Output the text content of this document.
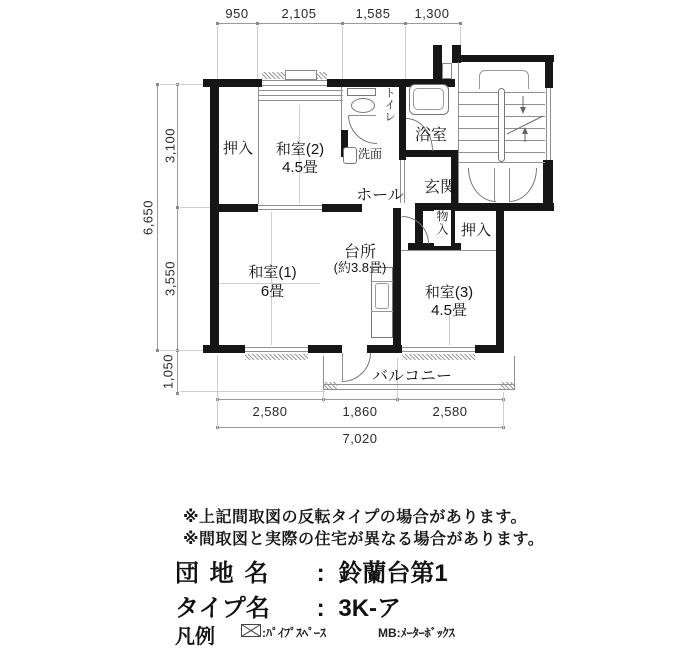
950	2,105	1,585	1,300
6,650
3,100
3,550
1,050
2,580	1,860	2,580
7,020
押入	和室(2)
4.5畳
トイレ
洗面
浴室
ホール	玄関
物入 押入
台所
(約3.8畳)
和室(1)
6畳	和室(3)
4.5畳
バルコニー
※上記間取図の反転タイプの場合があります。
※間取図と実際の住宅が異なる場合があります。
団 地 名 : 鈴蘭台第1
タイプ名 : 3K-ア
凡例	:ﾊﾟｲﾌﾟｽﾍﾟｰｽ	MB:ﾒｰﾀｰﾎﾞｯｸｽ
